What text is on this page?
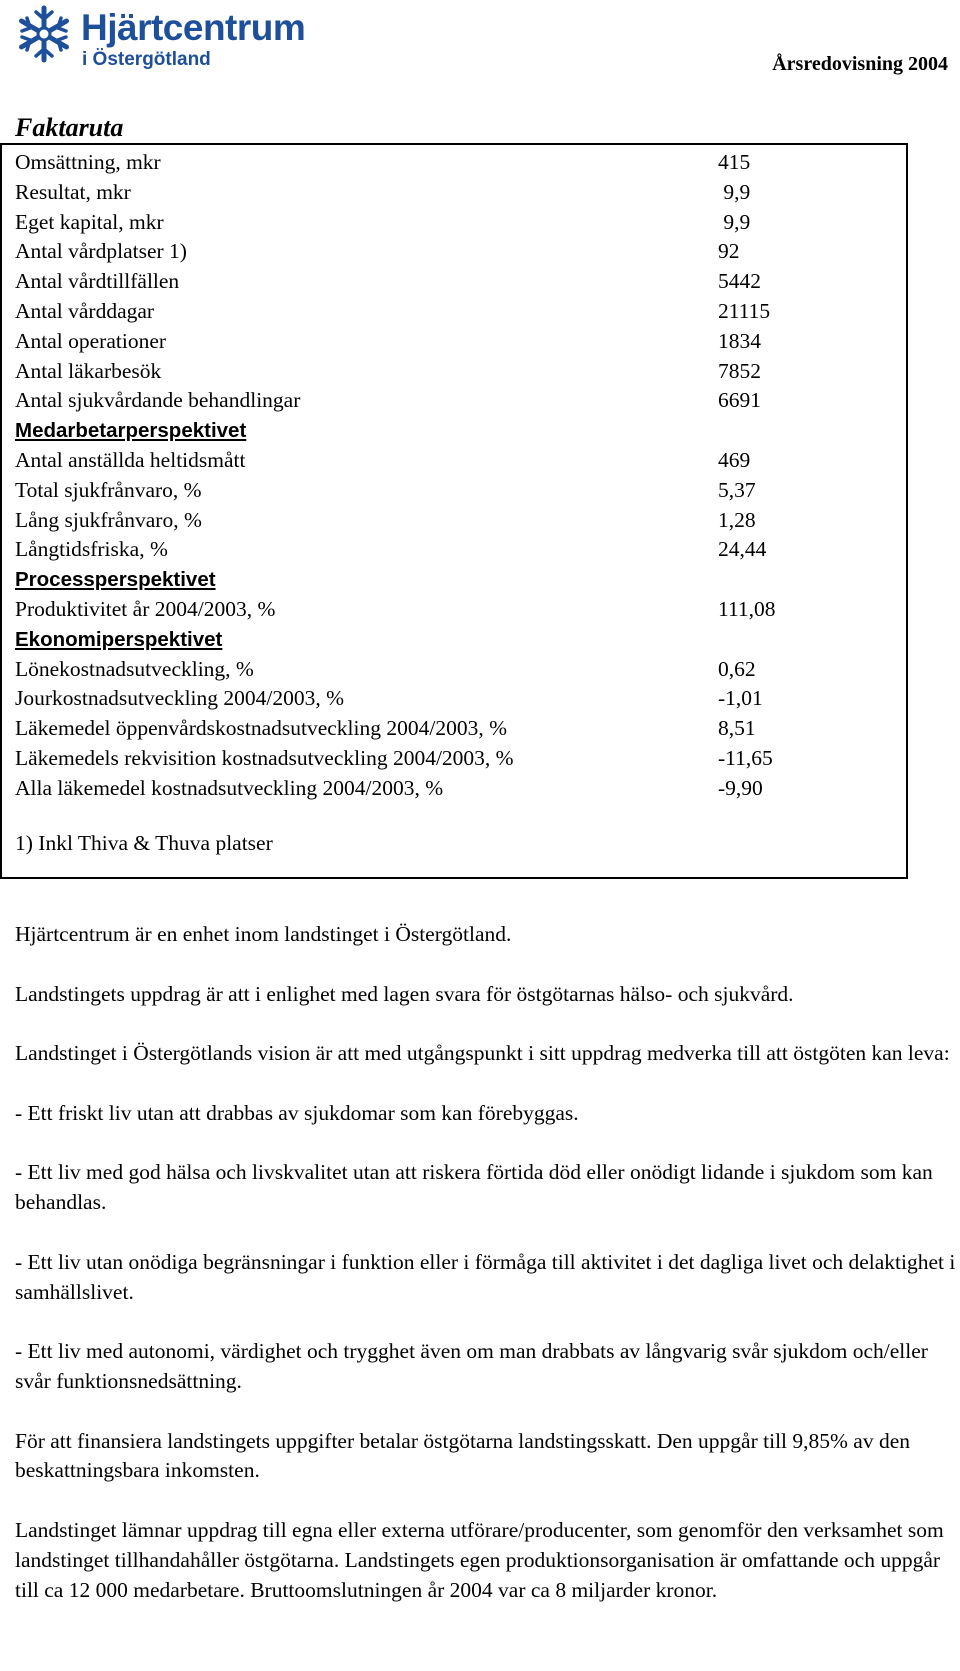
Hjärtcentrum
i Östergötland	Årsredovisning 2004
Faktaruta
Omsättning, mkr	415
Resultat, mkr	9,9
Eget kapital, mkr	9,9
Antal vårdplatser 1)	92
Antal vårdtillfällen	5442
Antal vårddagar	21115
Antal operationer	1834
Antal läkarbesök	7852
Antal sjukvårdande behandlingar	6691
Medarbetarperspektivet
Antal anställda heltidsmått	469
Total sjukfrånvaro, %	5,37
Lång sjukfrånvaro, %	1,28
Långtidsfriska, %	24,44
Processperspektivet
Produktivitet år 2004/2003, %	111,08
Ekonomiperspektivet
Lönekostnadsutveckling, %	0,62
Jourkostnadsutveckling 2004/2003, %	-1,01
Läkemedel öppenvårdskostnadsutveckling 2004/2003, %	8,51
Läkemedels rekvisition kostnadsutveckling 2004/2003, %	-11,65
Alla läkemedel kostnadsutveckling 2004/2003, %	-9,90
1) Inkl Thiva & Thuva platser

Hjärtcentrum är en enhet inom landstinget i Östergötland.

Landstingets uppdrag är att i enlighet med lagen svara för östgötarnas hälso- och sjukvård.

Landstinget i Östergötlands vision är att med utgångspunkt i sitt uppdrag medverka till att östgöten kan leva:

- Ett friskt liv utan att drabbas av sjukdomar som kan förebyggas.

- Ett liv med god hälsa och livskvalitet utan att riskera förtida död eller onödigt lidande i sjukdom som kan behandlas.

- Ett liv utan onödiga begränsningar i funktion eller i förmåga till aktivitet i det dagliga livet och delaktighet i samhällslivet.

- Ett liv med autonomi, värdighet och trygghet även om man drabbats av långvarig svår sjukdom och/eller svår funktionsnedsättning.

För att finansiera landstingets uppgifter betalar östgötarna landstingsskatt. Den uppgår till 9,85% av den beskattningsbara inkomsten.

Landstinget lämnar uppdrag till egna eller externa utförare/producenter, som genomför den verksamhet som landstinget tillhandahåller östgötarna. Landstingets egen produktionsorganisation är omfattande och uppgår till ca 12 000 medarbetare. Bruttoomslutningen år 2004 var ca 8 miljarder kronor.
